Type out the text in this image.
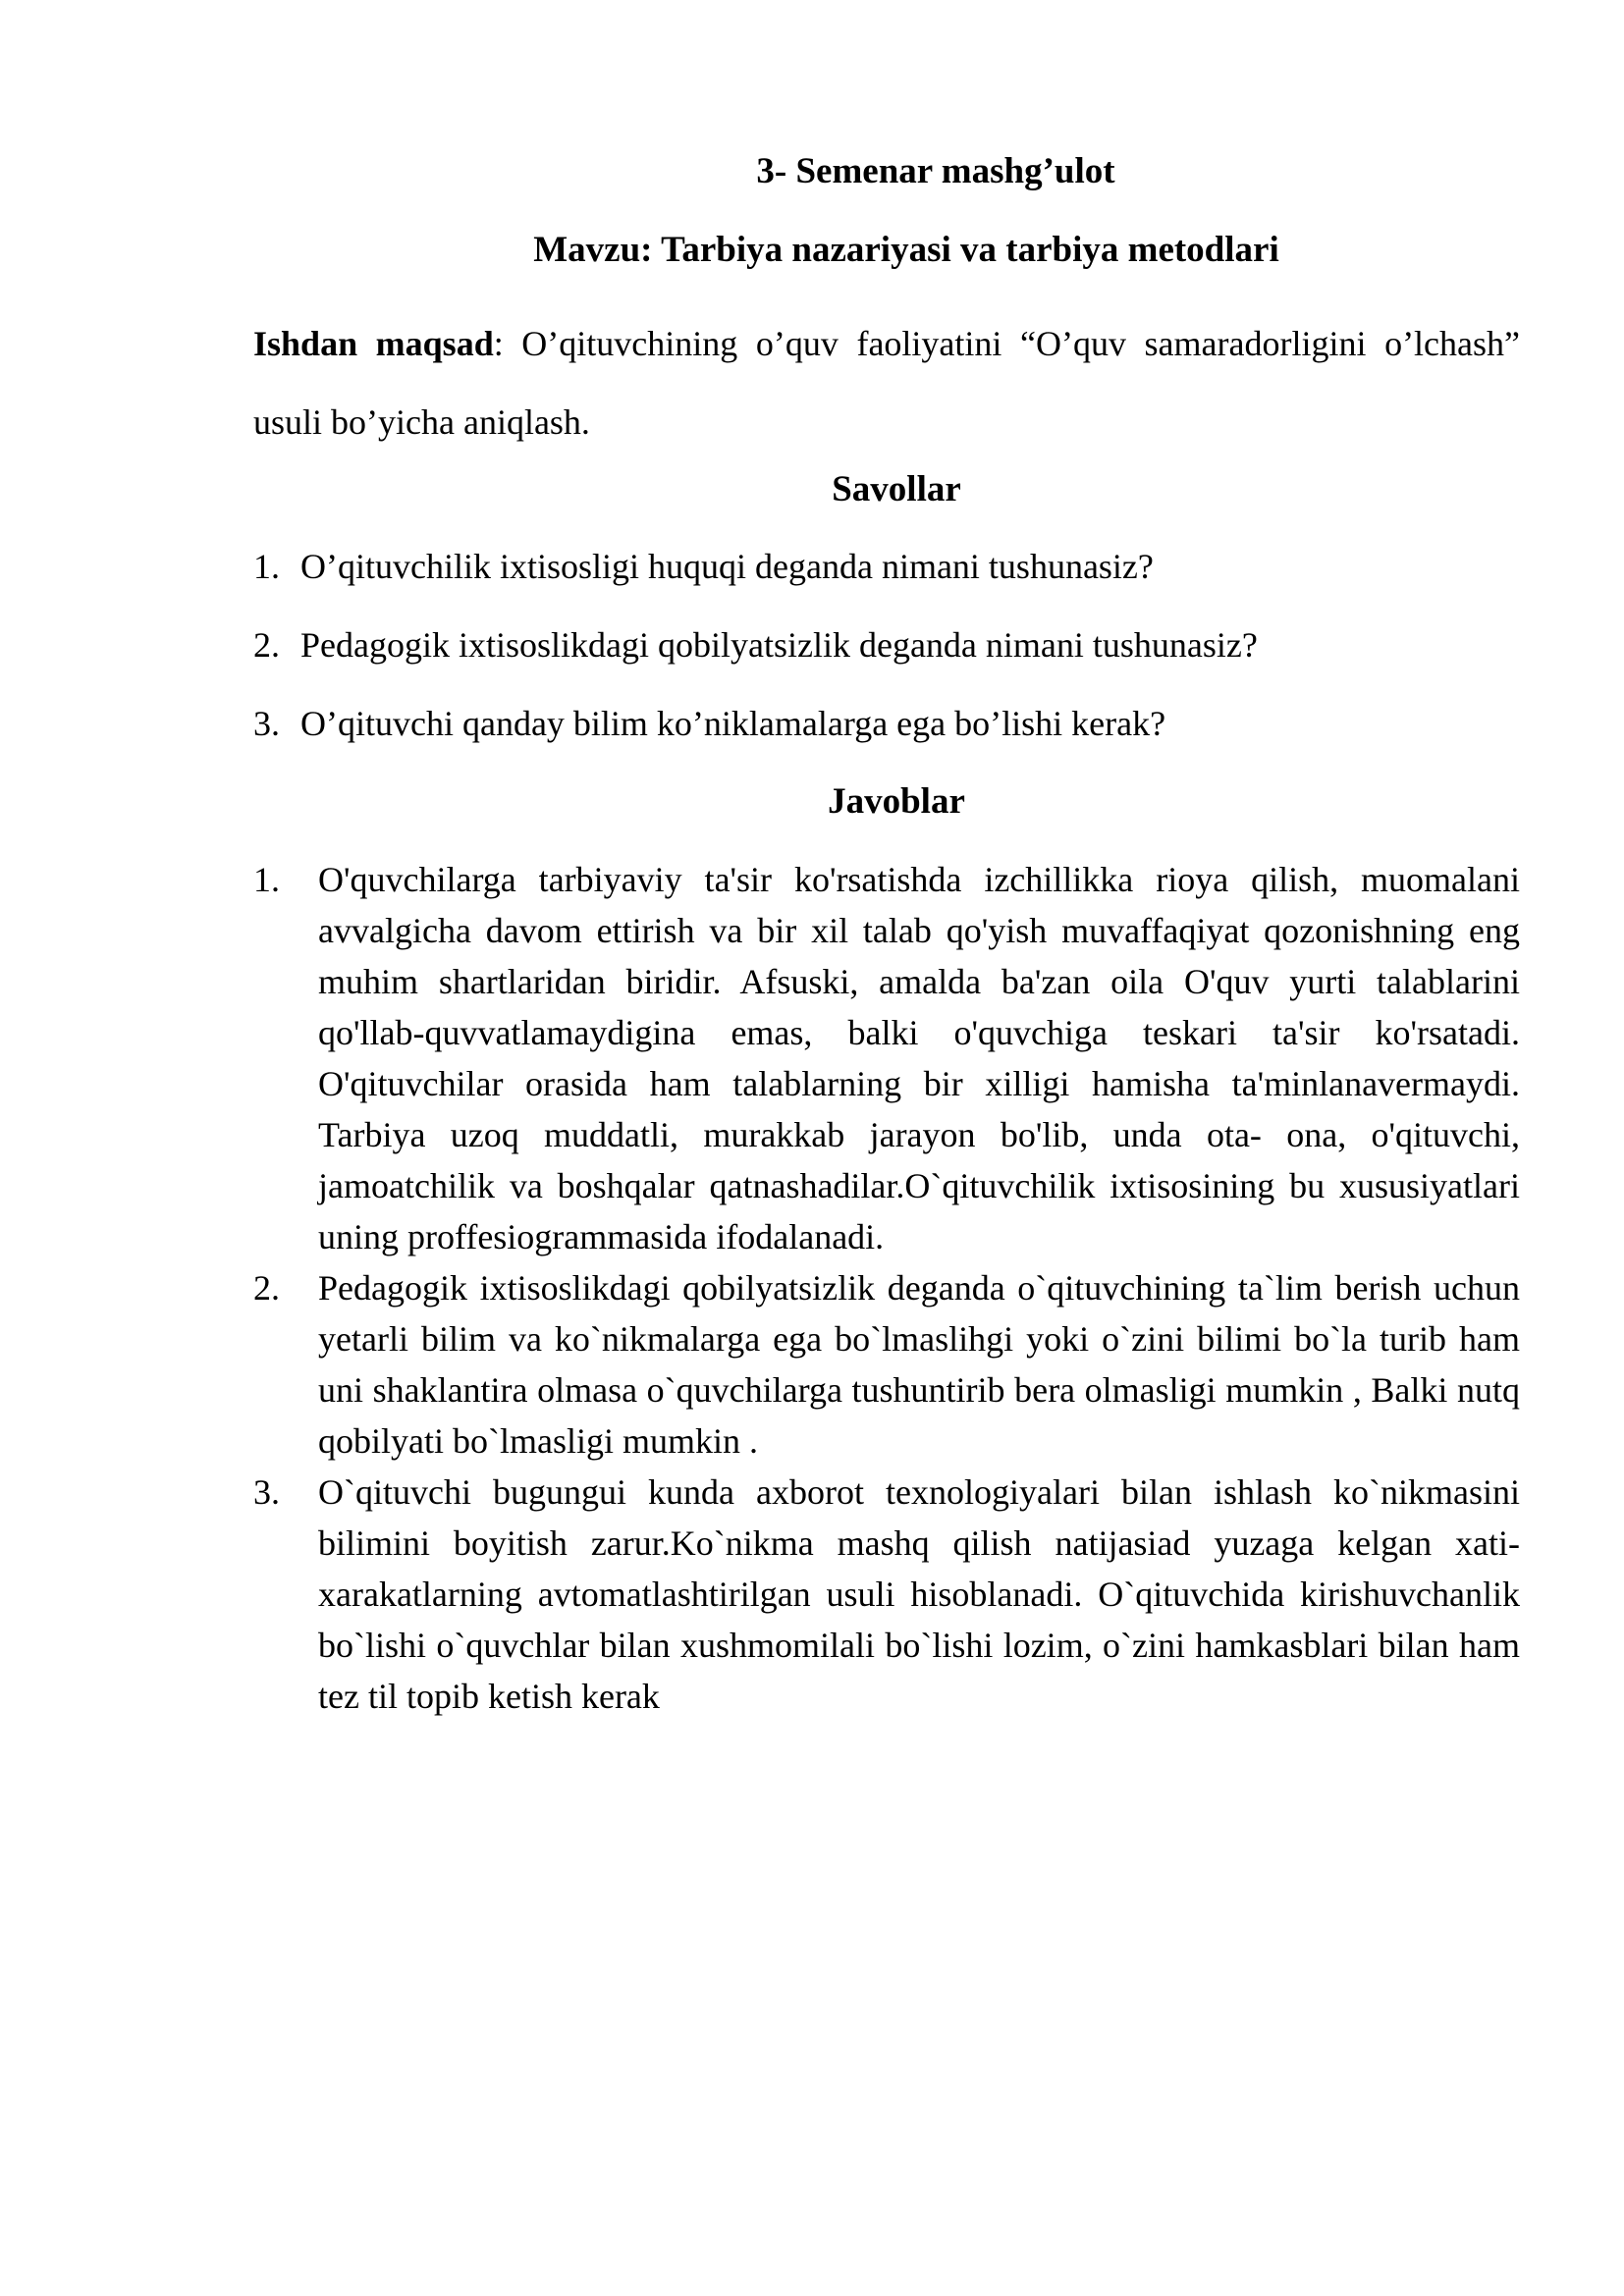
3- Semenar mashg’ulot
Mavzu: Tarbiya nazariyasi va tarbiya metodlari

Ishdan maqsad: O’qituvchining o’quv faoliyatini “O’quv samaradorligini o’lchash” usuli bo’yicha aniqlash.

Savollar
1. O’qituvchilik ixtisosligi huquqi deganda nimani tushunasiz?
2. Pedagogik ixtisoslikdagi qobilyatsizlik deganda nimani tushunasiz?
3. O’qituvchi qanday bilim ko’niklamalarga ega bo’lishi kerak?
Javoblar
1.	O'quvchilarga tarbiyaviy ta'sir ko'rsatishda izchillikka rioya qilish, muomalani avvalgicha davom ettirish va bir xil talab qo'yish muvaffaqiyat qozonishning eng muhim shartlaridan biridir. Afsuski, amalda ba'zan oila O'quv yurti talablarini qo'llab-quvvatlamaydigina emas, balki o'quvchiga teskari ta'sir ko'rsatadi. O'qituvchilar orasida ham talablarning bir xilligi hamisha ta'minlanavermaydi. Tarbiya uzoq muddatli, murakkab jarayon bo'lib, unda ota- ona, o'qituvchi, jamoatchilik va boshqalar qatnashadilar.O`qituvchilik ixtisosining bu xususiyatlari uning proffesiogrammasida ifodalanadi.
2.	Pedagogik ixtisoslikdagi qobilyatsizlik deganda o`qituvchining ta`lim berish uchun yetarli bilim va ko`nikmalarga ega bo`lmaslihgi yoki o`zini bilimi bo`la turib ham uni shaklantira olmasa o`quvchilarga tushuntirib bera olmasligi mumkin , Balki nutq qobilyati bo`lmasligi mumkin .
3.	O`qituvchi bugungui kunda axborot texnologiyalari bilan ishlash ko`nikmasini bilimini boyitish zarur.Ko`nikma mashq qilish natijasiad yuzaga kelgan xati- xarakatlarning avtomatlashtirilgan usuli hisoblanadi. O`qituvchida kirishuvchanlik bo`lishi o`quvchlar bilan xushmomilali bo`lishi lozim, o`zini hamkasblari bilan ham tez til topib ketish kerak
